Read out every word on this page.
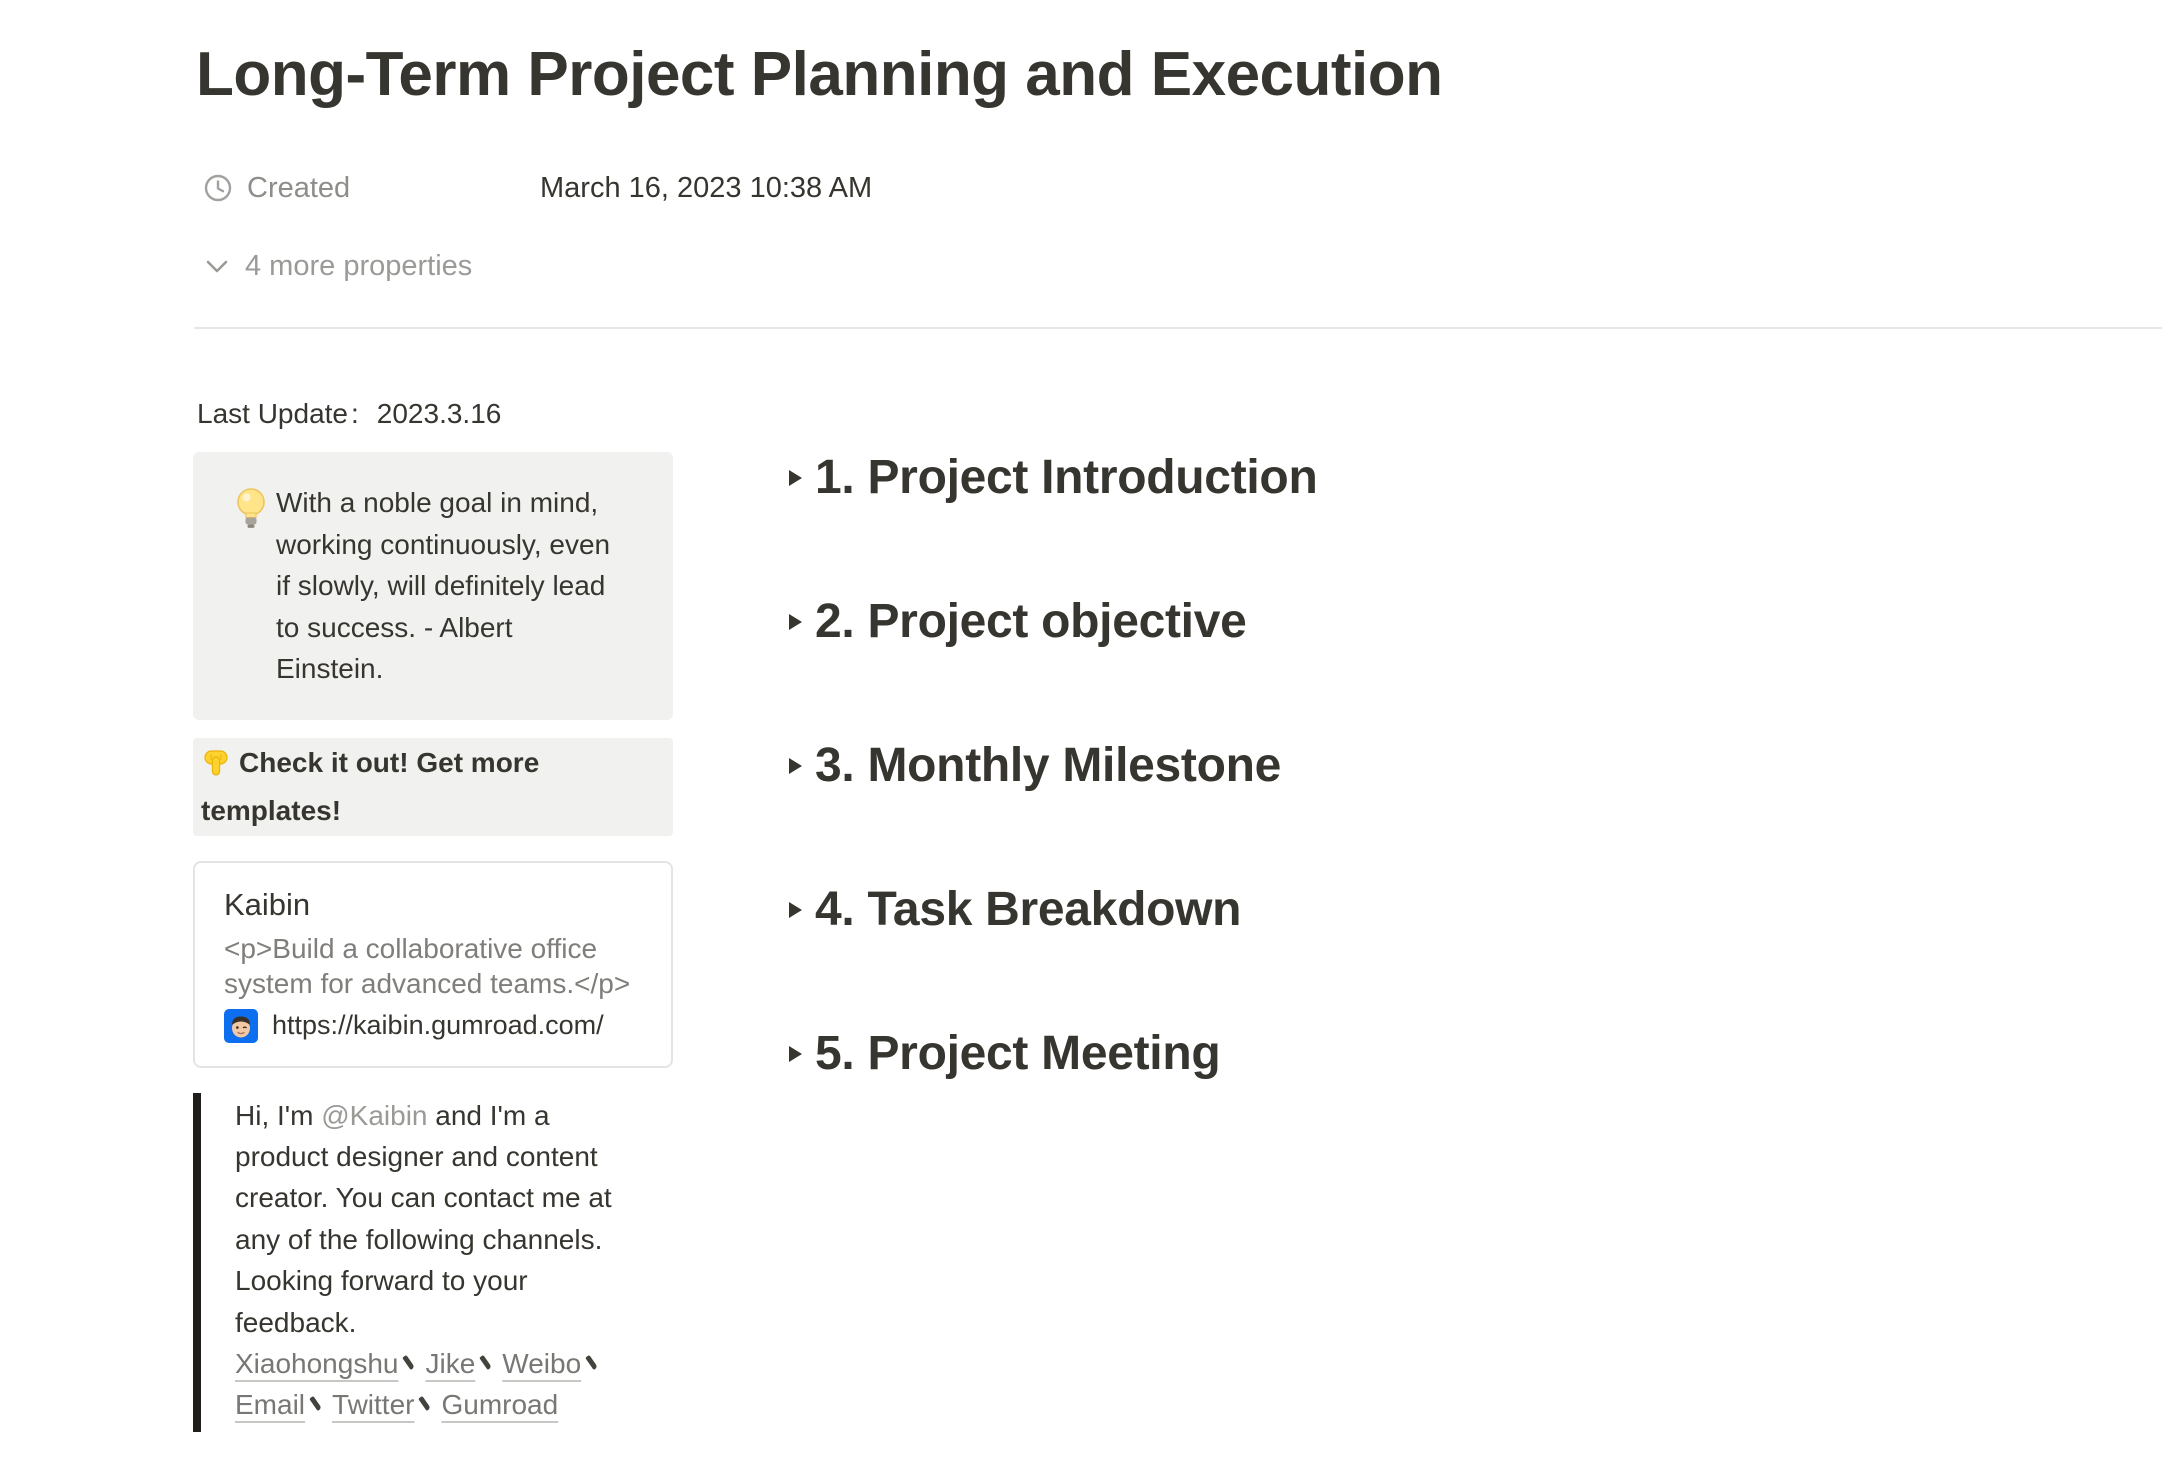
Long-Term Project Planning and Execution
Created	March 16, 2023 10:38 AM
4 more properties

Last Update : 2023.3.16

With a noble goal in mind, working continuously, even if slowly, will definitely lead to success. - Albert Einstein.
Check it out! Get more templates!
Kaibin
<p>Build a collaborative office system for advanced teams.</p>
https://kaibin.gumroad.com/

Hi, I'm @Kaibin and I'm a product designer and content creator. You can contact me at any of the following channels. Looking forward to your feedback.

Xiaohongshu Jike WeiboEmail Twitter Gumroad

1. Project Introduction
2. Project objective
3. Monthly Milestone
4. Task Breakdown
5. Project Meeting
